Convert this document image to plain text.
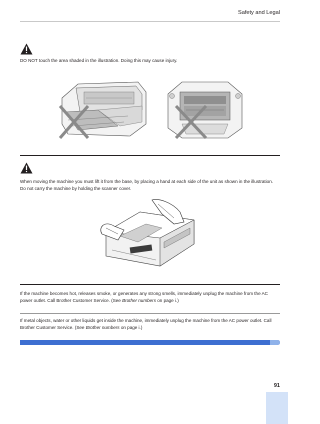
Safety and Legal
DO NOT touch the area shaded in the illustration. Doing this may cause injury.
When moving the machine you must lift it from the base, by placing a hand at each side of the unit as shown in the illustration. Do not carry the machine by holding the scanner cover.
If the machine becomes hot, releases smoke, or generates any strong smells, immediately unplug the machine from the AC power outlet. Call Brother Customer Service. (See Brother numbers on page i.)
If metal objects, water or other liquids get inside the machine, immediately unplug the machine from the AC power outlet. Call Brother Customer Service. (See Brother numbers on page i.)
91
